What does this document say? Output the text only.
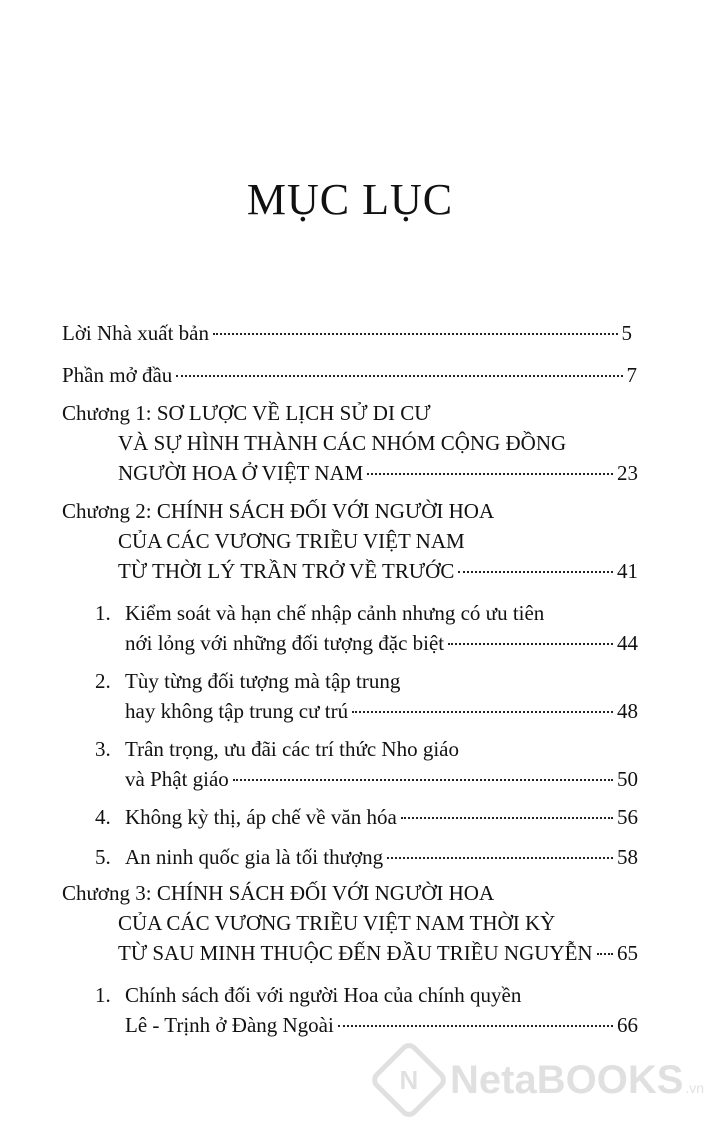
MỤC LỤC
Lời Nhà xuất bản	5
Phần mở đầu	7
Chương 1: SƠ LƯỢC VỀ LỊCH SỬ DI CƯ
VÀ SỰ HÌNH THÀNH CÁC NHÓM CỘNG ĐỒNG
NGƯỜI HOA Ở VIỆT NAM	23
Chương 2: CHÍNH SÁCH ĐỐI VỚI NGƯỜI HOA
CỦA CÁC VƯƠNG TRIỀU VIỆT NAM
TỪ THỜI LÝ TRẦN TRỞ VỀ TRƯỚC	41
1. Kiểm soát và hạn chế nhập cảnh nhưng có ưu tiên
nới lỏng với những đối tượng đặc biệt	44
2. Tùy từng đối tượng mà tập trung
hay không tập trung cư trú	48
3. Trân trọng, ưu đãi các trí thức Nho giáo
và Phật giáo	50
4. Không kỳ thị, áp chế về văn hóa	56
5. An ninh quốc gia là tối thượng	58
Chương 3: CHÍNH SÁCH ĐỐI VỚI NGƯỜI HOA
CỦA CÁC VƯƠNG TRIỀU VIỆT NAM THỜI KỲ
TỪ SAU MINH THUỘC ĐẾN ĐẦU TRIỀU NGUYỄN 65
1. Chính sách đối với người Hoa của chính quyền
Lê - Trịnh ở Đàng Ngoài	66
N NetaBOOKS .vn
